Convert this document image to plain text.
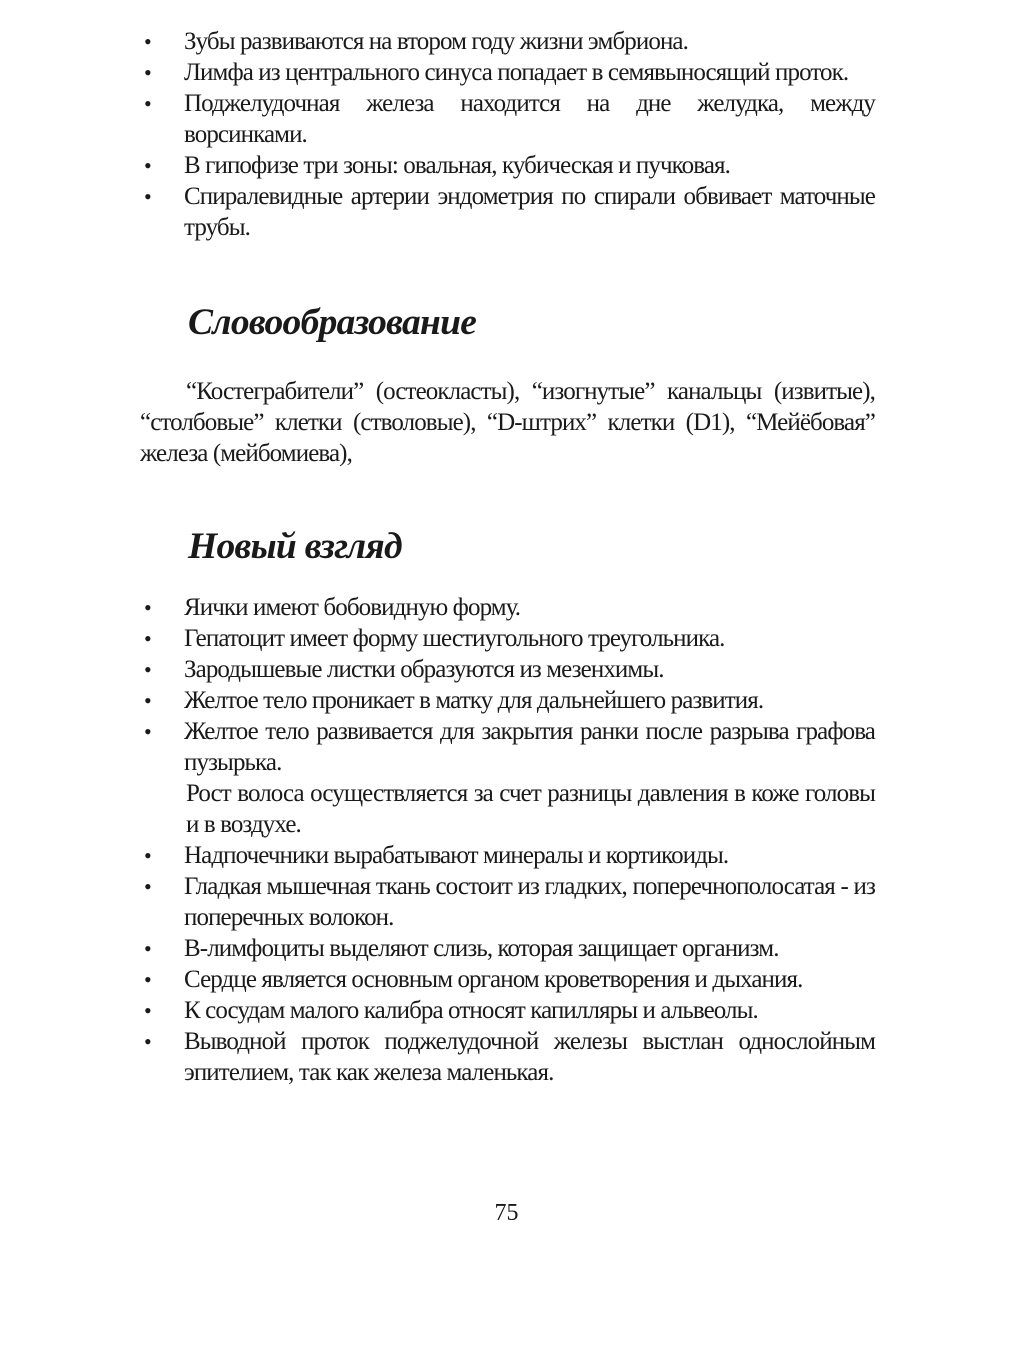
• Зубы развиваются на втором году жизни эмбриона.
• Лимфа из центрального синуса попадает в семявыносящий проток.
• Поджелудочная железа находится на дне желудка, между ворсинками.
• В гипофизе три зоны: овальная, кубическая и пучковая.
• Спиралевидные артерии эндометрия по спирали обвивает маточные трубы.
Словообразование

“Костеграбители” (остеокласты), “изогнутые” канальцы (извитые), “столбовые” клетки (стволовые), “D-штрих” клетки (D1), “Мейёбовая” железа (мейбомиева),

Новый взгляд
• Яички имеют бобовидную форму.
• Гепатоцит имеет форму шестиугольного треугольника.
• Зародышевые листки образуются из мезенхимы.
• Желтое тело проникает в матку для дальнейшего развития.
• Желтое тело развивается для закрытия ранки после разрыва графова пузырька.

Рост волоса осуществляется за счет разницы давления в коже головы и в воздухе.

• Надпочечники вырабатывают минералы и кортикоиды.
• Гладкая мышечная ткань состоит из гладких, поперечнополосатая - из поперечных волокон.
• В-лимфоциты выделяют слизь, которая защищает организм.
• Сердце является основным органом кроветворения и дыхания.
• К сосудам малого калибра относят капилляры и альвеолы.
• Выводной проток поджелудочной железы выстлан однослойным эпителием, так как железа маленькая.
75
